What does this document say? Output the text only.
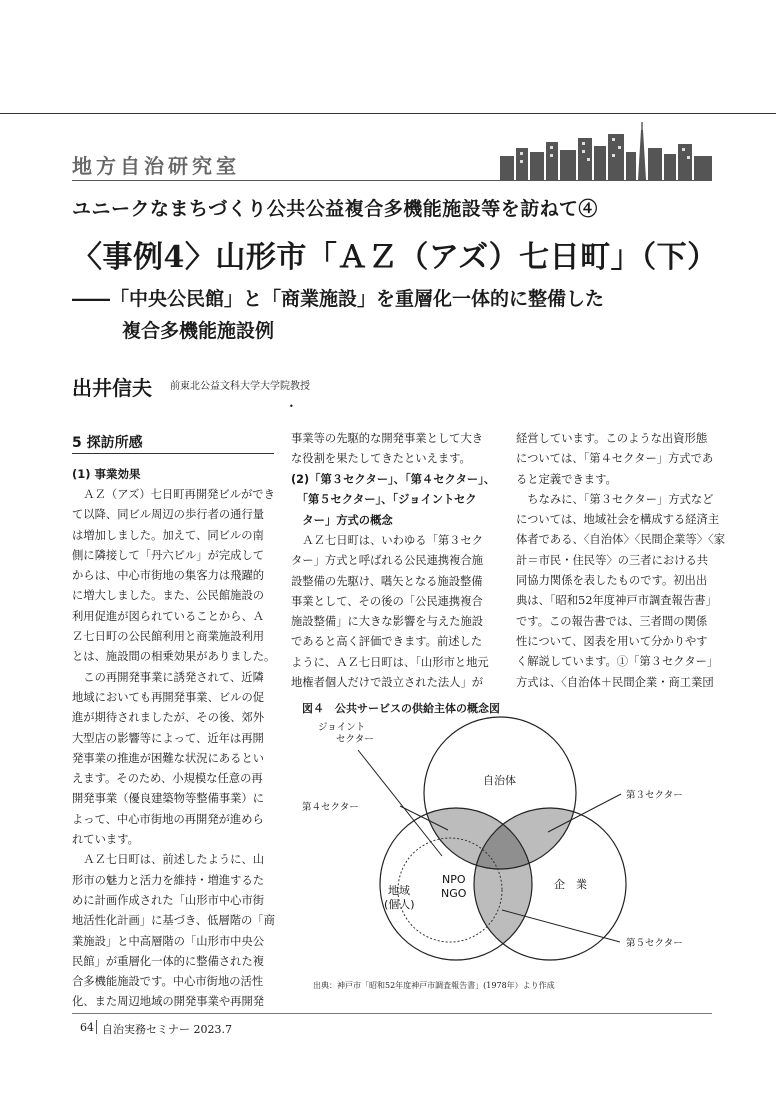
地方自治研究室
ユニークなまちづくり公共公益複合多機能施設等を訪ねて④
〈事例4〉山形市「ＡＺ（アズ）七日町」（下）
――「中央公民館」と「商業施設」を重層化一体的に整備した
複合多機能施設例
出井信夫 前東北公益文科大学大学院教授
•
5 探訪所感
(1) 事業効果

　ＡＺ（アズ）七日町再開発ビルができ

て以降、同ビル周辺の歩行者の通行量

は増加しました。加えて、同ビルの南

側に隣接して「丹六ビル」が完成して

からは、中心市街地の集客力は飛躍的

に増大しました。また、公民館施設の

利用促進が図られていることから、Ａ

Ｚ七日町の公民館利用と商業施設利用

とは、施設間の相乗効果がありました。

　この再開発事業に誘発されて、近隣

地域においても再開発事業、ビルの促

進が期待されましたが、その後、郊外

大型店の影響等によって、近年は再開

発事業の推進が困難な状況にあるとい

えます。そのため、小規模な任意の再

開発事業（優良建築物等整備事業）に

よって、中心市街地の再開発が進めら

れています。

　ＡＺ七日町は、前述したように、山

形市の魅力と活力を維持・増進するた

めに計画作成された「山形市中心市街

地活性化計画」に基づき、低層階の「商

業施設」と中高層階の「山形市中央公

民館」が重層化一体的に整備された複

合多機能施設です。中心市街地の活性

化、また周辺地域の開発事業や再開発

事業等の先駆的な開発事業として大き

な役割を果たしてきたといえます。

(2)「第３セクター」、「第４セクター」、

　「第５セクター」、「ジョイントセク

　ター」方式の概念

　ＡＺ七日町は、いわゆる「第３セク

ター」方式と呼ばれる公民連携複合施

設整備の先駆け、嚆矢となる施設整備

事業として、その後の「公民連携複合

施設整備」に大きな影響を与えた施設

であると高く評価できます。前述した

ように、ＡＺ七日町は、「山形市と地元

地権者個人だけで設立された法人」が

経営しています。このような出資形態

については、「第４セクター」方式であ

ると定義できます。

　ちなみに、「第３セクター」方式など

については、地域社会を構成する経済主

体者である、〈自治体〉〈民間企業等〉〈家

計＝市民・住民等〉の三者における共

同協力関係を表したものです。初出出

典は、「昭和52年度神戸市調査報告書」

です。この報告書では、三者間の関係

性について、図表を用いて分かりやす

く解説しています。①「第３セクター」

方式は、〈自治体＋民間企業・商工業団

図４　公共サービスの供給主体の概念図
ジョイント
セクター
第４セクター
第３セクター
第５セクター
自治体
企　業
NPO
NGO
地域
(個人)
出典：神戸市「昭和52年度神戸市調査報告書」(1978年）より作成
64 自治実務セミナー 2023.7
